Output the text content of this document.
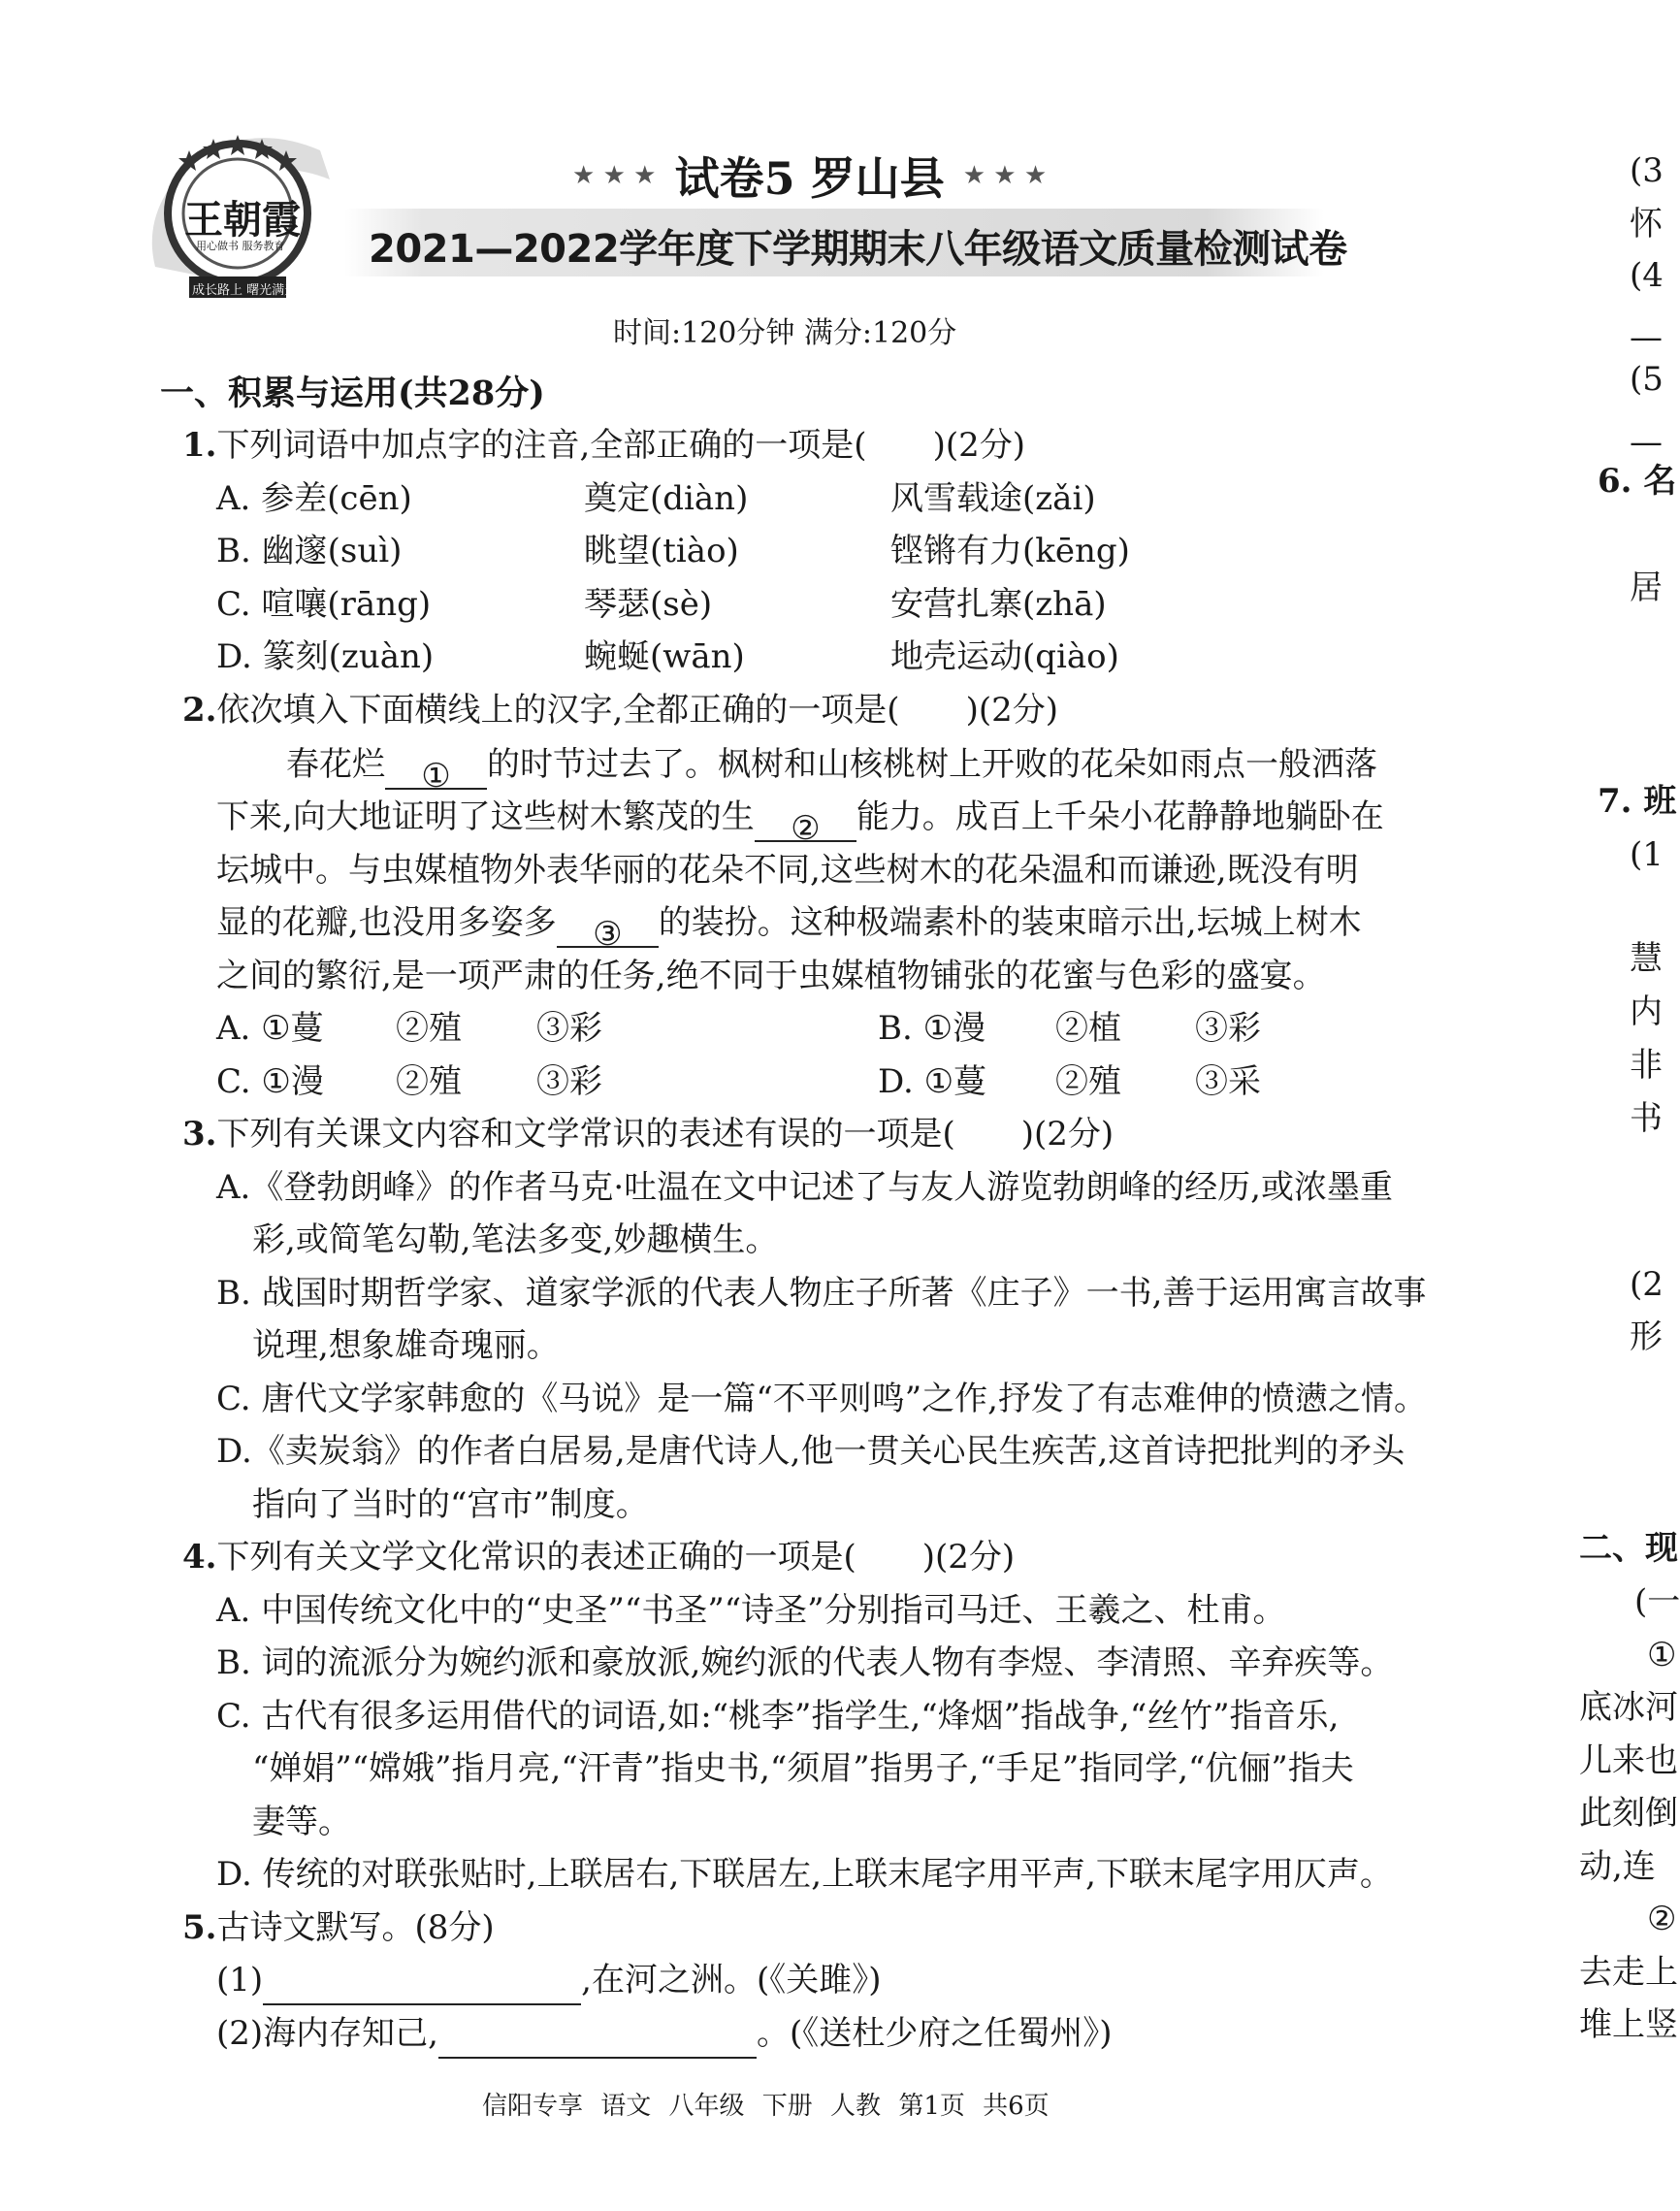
王朝霞
用心做书 服务教育
成长路上 曙光满天
★ ★ ★ 试卷5 罗山县 ★ ★ ★
2021—2022学年度下学期期末八年级语文质量检测试卷
时间:120分钟 满分:120分
一、积累与运用(共28分)
1.下列词语中加点字的注音,全部正确的一项是(　　)(2分)
A. 参差(cēn)	奠定(diàn)	风雪载途(zǎi)
B. 幽邃(suì)	眺望(tiào)	铿锵有力(kēng)
C. 喧嚷(rāng)	琴瑟(sè)	安营扎寨(zhā)
D. 篆刻(zuàn)	蜿蜒(wān)	地壳运动(qiào)
2.依次填入下面横线上的汉字,全都正确的一项是(　　)(2分)
春花烂 ① 的时节过去了。枫树和山核桃树上开败的花朵如雨点一般洒落
下来,向大地证明了这些树木繁茂的生 ② 能力。成百上千朵小花静静地躺卧在
坛城中。与虫媒植物外表华丽的花朵不同,这些树木的花朵温和而谦逊,既没有明
显的花瓣,也没用多姿多 ③ 的装扮。这种极端素朴的装束暗示出,坛城上树木
之间的繁衍,是一项严肃的任务,绝不同于虫媒植物铺张的花蜜与色彩的盛宴。
A. ①蔓 ②殖 ③彩	B. ①漫 ②植 ③彩
C. ①漫 ②殖 ③彩	D. ①蔓 ②殖 ③采
3.下列有关课文内容和文学常识的表述有误的一项是(　　)(2分)
A.《登勃朗峰》的作者马克·吐温在文中记述了与友人游览勃朗峰的经历,或浓墨重
彩,或简笔勾勒,笔法多变,妙趣横生。
B. 战国时期哲学家、道家学派的代表人物庄子所著《庄子》一书,善于运用寓言故事
说理,想象雄奇瑰丽。
C. 唐代文学家韩愈的《马说》是一篇“不平则鸣”之作,抒发了有志难伸的愤懑之情。
D.《卖炭翁》的作者白居易,是唐代诗人,他一贯关心民生疾苦,这首诗把批判的矛头
指向了当时的“宫市”制度。
4.下列有关文学文化常识的表述正确的一项是(　　)(2分)
A. 中国传统文化中的“史圣”“书圣”“诗圣”分别指司马迁、王羲之、杜甫。
B. 词的流派分为婉约派和豪放派,婉约派的代表人物有李煜、李清照、辛弃疾等。
C. 古代有很多运用借代的词语,如:“桃李”指学生,“烽烟”指战争,“丝竹”指音乐,
“婵娟”“嫦娥”指月亮,“汗青”指史书,“须眉”指男子,“手足”指同学,“伉俪”指夫
妻等。
D. 传统的对联张贴时,上联居右,下联居左,上联末尾字用平声,下联末尾字用仄声。
5.古诗文默写。(8分)
(1)	,在河之洲。(《关雎》)
(2)海内存知己,	。(《送杜少府之任蜀州》)
信阳专享 语文 八年级 下册 人教 第1页 共6页
(3
怀
(4
—
(5
—
6. 名
居
7. 班
(1
慧
内
非
书
(2
形
二、现
(一
①
底冰河
儿来也
此刻倒
动,连
②
去走上
堆上竖
